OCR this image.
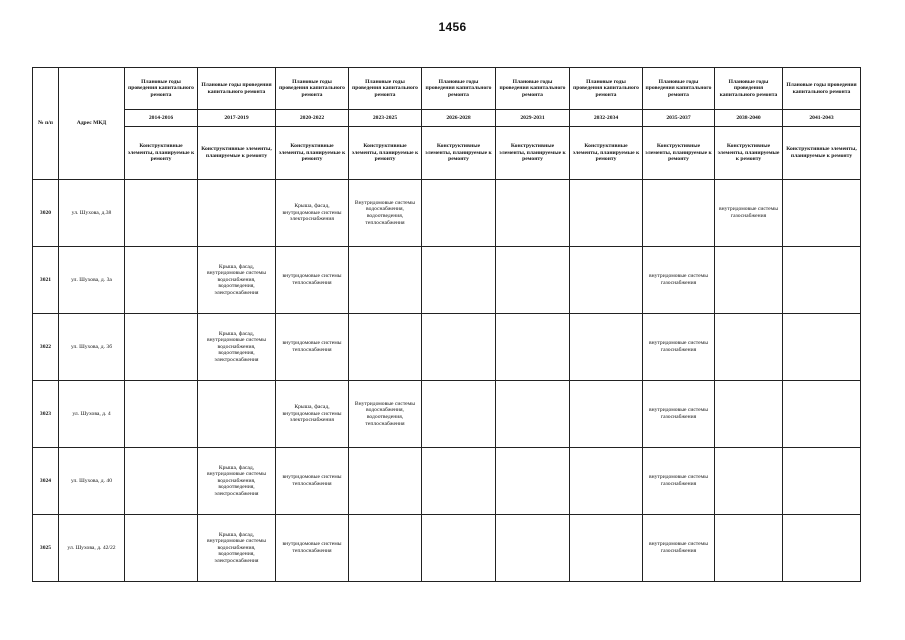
1456
№ п/п	Адрес МКД	Плановые годы проведения капитального ремонта	Плановые годы проведения капитального ремонта	Плановые годы проведения капитального ремонта	Плановые годы проведения капитального ремонта	Плановые годы проведения капитального ремонта	Плановые годы проведения капитального ремонта	Плановые годы проведения капитального ремонта	Плановые годы проведения капитального ремонта	Плановые годы проведения капитального ремонта	Плановые годы проведения капитального ремонта
		2014-2016	2017-2019	2020-2022	2023-2025	2026-2028	2029-2031	2032-2034	2035-2037	2038-2040	2041-2043
		Конструктивные элементы, планируемые к ремонту	Конструктивные элементы, планируемые к ремонту	Конструктивные элементы, планируемые к ремонту	Конструктивные элементы, планируемые к ремонту	Конструктивные элементы, планируемые к ремонту	Конструктивные элементы, планируемые к ремонту	Конструктивные элементы, планируемые к ремонту	Конструктивные элементы, планируемые к ремонту	Конструктивные элементы, планируемые к ремонту	Конструктивные элементы, планируемые к ремонту
3020	ул. Шухова, д.38			Крыша, фасад, внутридомовые системы электроснабжения	Внутридомовые системы водоснабжения, водоотведения, теплоснабжения					внутридомовые системы газоснабжения	
3021	ул. Шухова, д. 3а		Крыша, фасад, внутридомовые системы водоснабжения, водоотведения, электроснабжения	внутридомовые системы теплоснабжения					внутридомовые системы газоснабжения		
3022	ул. Шухова, д. 3б		Крыша, фасад, внутридомовые системы водоснабжения, водоотведения, электроснабжения	внутридомовые системы теплоснабжения					внутридомовые системы газоснабжения		
3023	ул. Шухова, д. 4			Крыша, фасад, внутридомовые системы электроснабжения	Внутридомовые системы водоснабжения, водоотведения, теплоснабжения				внутридомовые системы газоснабжения		
3024	ул. Шухова, д. 40		Крыша, фасад, внутридомовые системы водоснабжения, водоотведения, электроснабжения	внутридомовые системы теплоснабжения					внутридомовые системы газоснабжения		
3025	ул. Шухова, д. 42/22		Крыша, фасад, внутридомовые системы водоснабжения, водоотведения, электроснабжения	внутридомовые системы теплоснабжения					внутридомовые системы газоснабжения		
